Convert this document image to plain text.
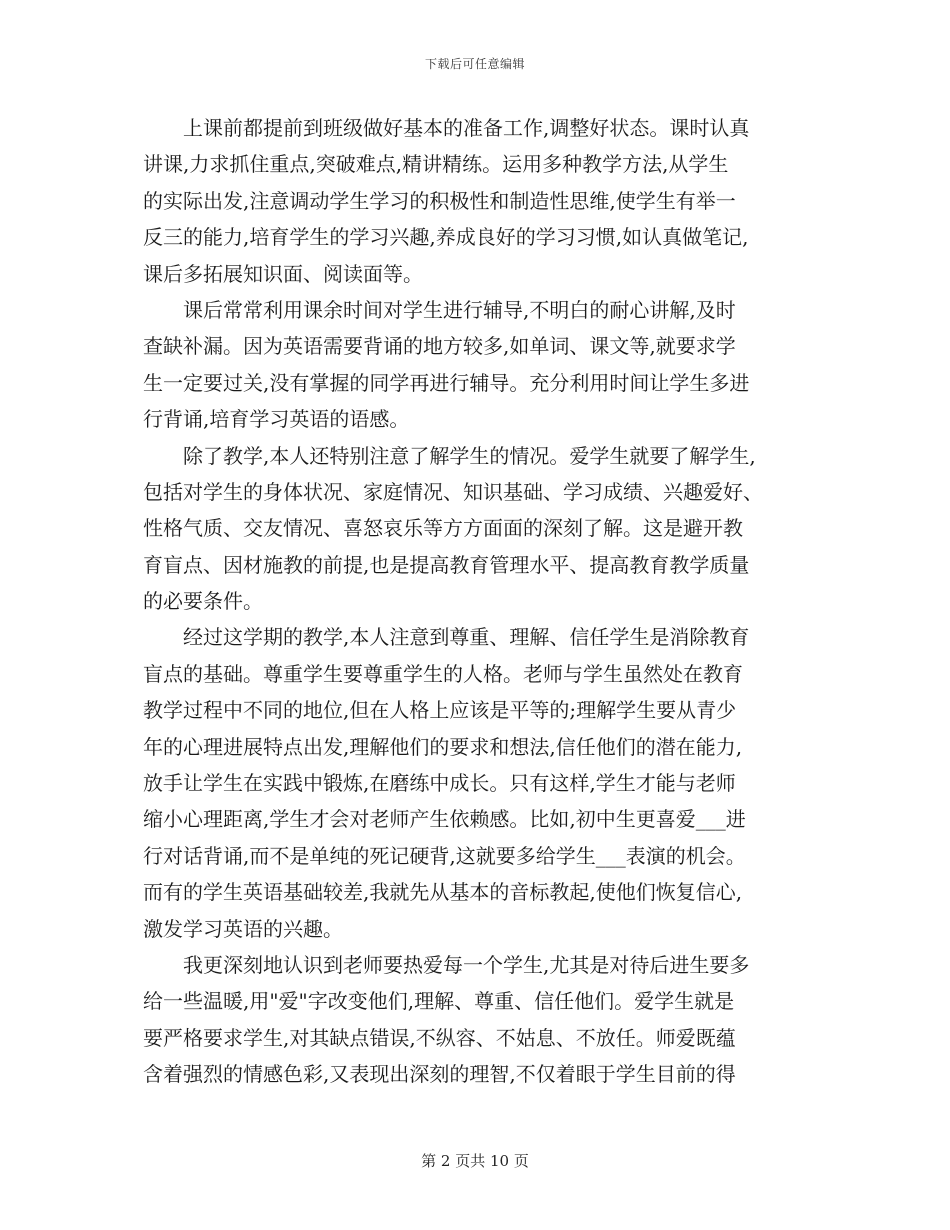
下载后可任意编辑
上课前都提前到班级做好基本的准备工作,调整好状态。课时认真
讲课,力求抓住重点,突破难点,精讲精练。运用多种教学方法,从学生
的实际出发,注意调动学生学习的积极性和制造性思维,使学生有举一
反三的能力,培育学生的学习兴趣,养成良好的学习习惯,如认真做笔记,
课后多拓展知识面、阅读面等。
课后常常利用课余时间对学生进行辅导,不明白的耐心讲解,及时
查缺补漏。因为英语需要背诵的地方较多,如单词、课文等,就要求学
生一定要过关,没有掌握的同学再进行辅导。充分利用时间让学生多进
行背诵,培育学习英语的语感。
除了教学,本人还特别注意了解学生的情况。爱学生就要了解学生,
包括对学生的身体状况、家庭情况、知识基础、学习成绩、兴趣爱好、
性格气质、交友情况、喜怒哀乐等方方面面的深刻了解。这是避开教
育盲点、因材施教的前提,也是提高教育管理水平、提高教育教学质量
的必要条件。
经过这学期的教学,本人注意到尊重、理解、信任学生是消除教育
盲点的基础。尊重学生要尊重学生的人格。老师与学生虽然处在教育
教学过程中不同的地位,但在人格上应该是平等的;理解学生要从青少
年的心理进展特点出发,理解他们的要求和想法,信任他们的潜在能力,
放手让学生在实践中锻炼,在磨练中成长。只有这样,学生才能与老师
缩小心理距离,学生才会对老师产生依赖感。比如,初中生更喜爱___进
行对话背诵,而不是单纯的死记硬背,这就要多给学生___表演的机会。
而有的学生英语基础较差,我就先从基本的音标教起,使他们恢复信心,
激发学习英语的兴趣。
我更深刻地认识到老师要热爱每一个学生,尤其是对待后进生要多
给一些温暖,用"爱"字改变他们,理解、尊重、信任他们。爱学生就是
要严格要求学生,对其缺点错误,不纵容、不姑息、不放任。师爱既蕴
含着强烈的情感色彩,又表现出深刻的理智,不仅着眼于学生目前的得
第 2 页共 10 页
